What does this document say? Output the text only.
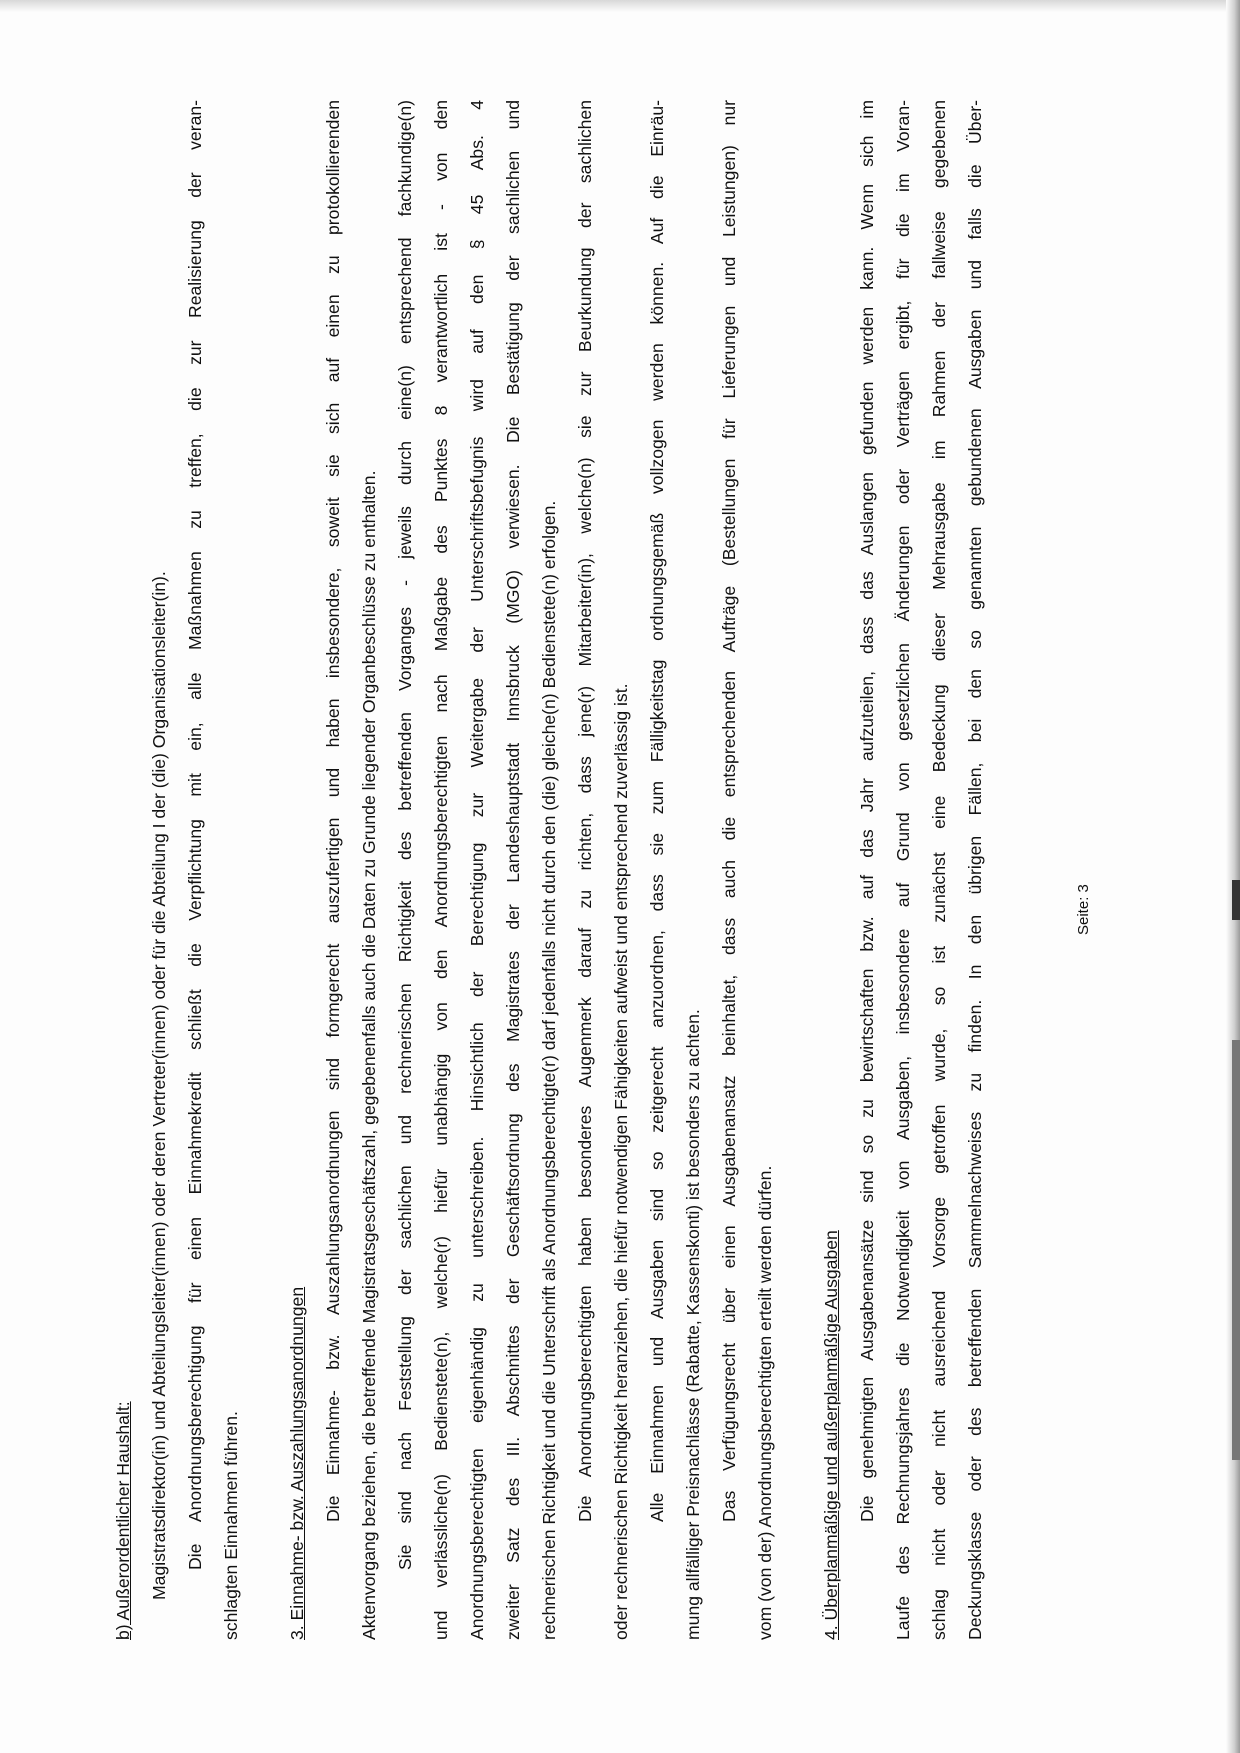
b) Außerordentlicher Haushalt: Magistratsdirektor(in) und Abteilungsleiter(innen) oder deren Vertreter(innen) oder für die Abteilung I der (die) Organisationsleiter(in). Die Anordnungsberechtigung für einen Einnahmekredit schließt die Verpflichtung mit ein, alle Maßnahmen zu treffen, die zur Realisierung der veran- schlagten Einnahmen führen.	3. Einnahme- bzw. Auszahlungsanordnungen Die Einnahme- bzw. Auszahlungsanordnungen sind formgerecht auszufertigen und haben insbesondere, soweit sie sich auf einen zu protokollierenden Aktenvorgang beziehen, die betreffende Magistratsgeschäftszahl, gegebenenfalls auch die Daten zu Grunde liegender Organbeschlüsse zu enthalten. Sie sind nach Feststellung der sachlichen und rechnerischen Richtigkeit des betreffenden Vorganges - jeweils durch eine(n) entsprechend fachkundige(n) und verlässliche(n) Bedienstete(n), welche(r) hiefür unabhängig von den Anordnungsberechtigten nach Maßgabe des Punktes 8 verantwortlich ist - von den Anordnungsberechtigten eigenhändig zu unterschreiben. Hinsichtlich der Berechtigung zur Weitergabe der Unterschriftsbefugnis wird auf den § 45 Abs. 4 zweiter Satz des III. Abschnittes der Geschäftsordnung des Magistrates der Landeshauptstadt Innsbruck (MGO) verwiesen. Die Bestätigung der sachlichen und rechnerischen Richtigkeit und die Unterschrift als Anordnungsberechtigte(r) darf jedenfalls nicht durch den (die) gleiche(n) Bedienstete(n) erfolgen. Die Anordnungsberechtigten haben besonderes Augenmerk darauf zu richten, dass jene(r) Mitarbeiter(in), welche(n) sie zur Beurkundung der sachlichen oder rechnerischen Richtigkeit heranziehen, die hiefür notwendigen Fähigkeiten aufweist und entsprechend zuverlässig ist. Alle Einnahmen und Ausgaben sind so zeitgerecht anzuordnen, dass sie zum Fälligkeitstag ordnungsgemäß vollzogen werden können. Auf die Einräu- mung allfälliger Preisnachlässe (Rabatte, Kassenskonti) ist besonders zu achten. Das Verfügungsrecht über einen Ausgabenansatz beinhaltet, dass auch die entsprechenden Aufträge (Bestellungen für Lieferungen und Leistungen) nur vom (von der) Anordnungsberechtigten erteilt werden dürfen.	4. Überplanmäßige und außerplanmäßige Ausgaben Die genehmigten Ausgabenansätze sind so zu bewirtschaften bzw. auf das Jahr aufzuteilen, dass das Auslangen gefunden werden kann. Wenn sich im Laufe des Rechnungsjahres die Notwendigkeit von Ausgaben, insbesondere auf Grund von gesetzlichen Änderungen oder Verträgen ergibt, für die im Voran- schlag nicht oder nicht ausreichend Vorsorge getroffen wurde, so ist zunächst eine Bedeckung dieser Mehrausgabe im Rahmen der fallweise gegebenen Deckungsklasse oder des betreffenden Sammelnachweises zu finden. In den übrigen Fällen, bei den so genannten gebundenen Ausgaben und falls die Über-	Seite: 3
